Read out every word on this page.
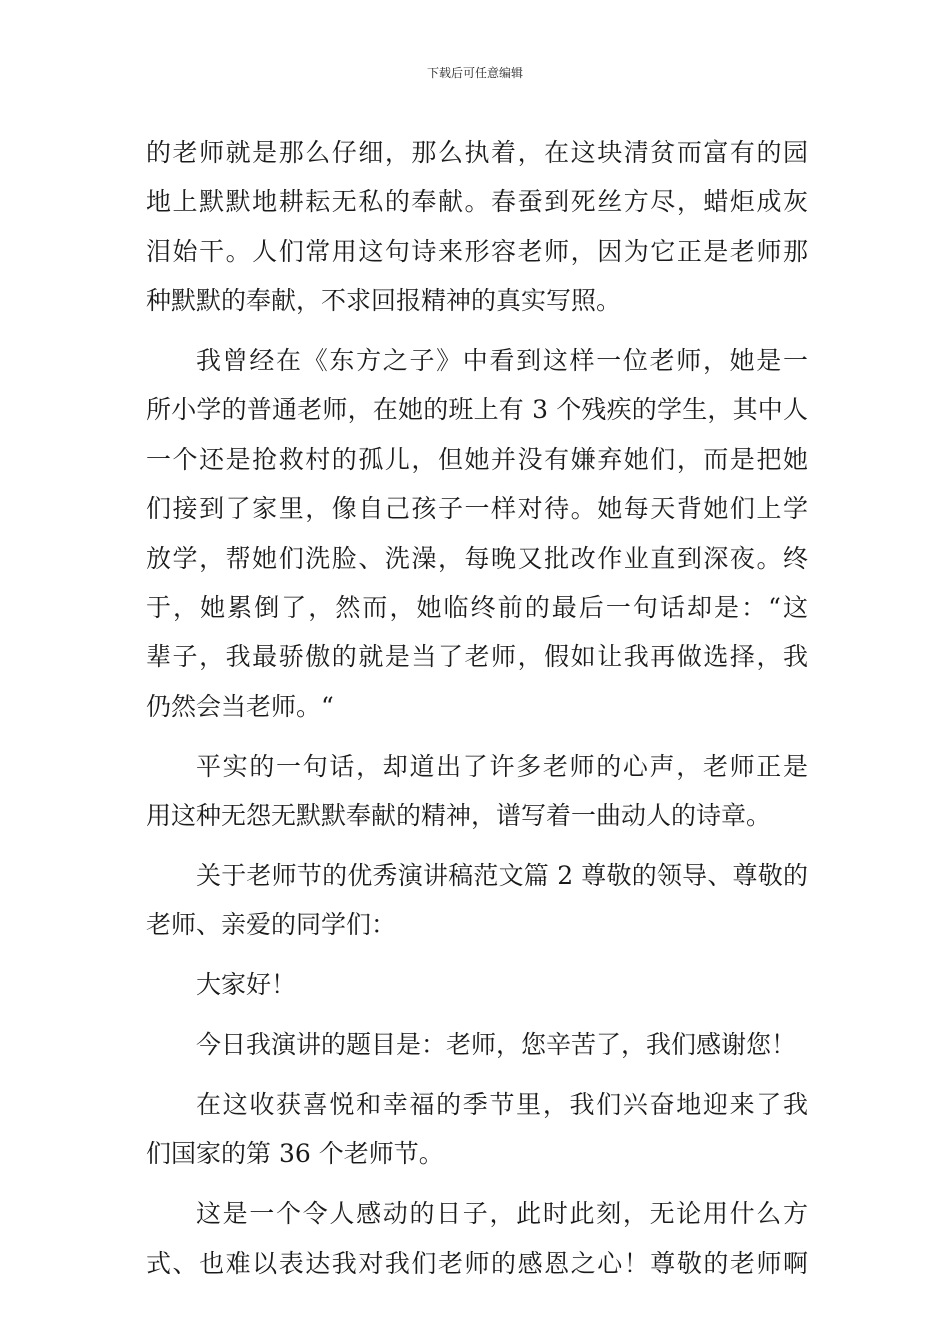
下载后可任意编辑
的老师就是那么仔细，那么执着，在这块清贫而富有的园
地上默默地耕耘无私的奉献。春蚕到死丝方尽，蜡炬成灰
泪始干。人们常用这句诗来形容老师，因为它正是老师那
种默默的奉献，不求回报精神的真实写照。
我曾经在《东方之子》中看到这样一位老师，她是一
所小学的普通老师，在她的班上有 3 个残疾的学生，其中人
一个还是抢救村的孤儿，但她并没有嫌弃她们，而是把她
们接到了家里，像自己孩子一样对待。她每天背她们上学
放学，帮她们洗脸、洗澡，每晚又批改作业直到深夜。终
于，她累倒了，然而，她临终前的最后一句话却是：“这
辈子，我最骄傲的就是当了老师，假如让我再做选择，我
仍然会当老师。“
平实的一句话，却道出了许多老师的心声，老师正是
用这种无怨无默默奉献的精神，谱写着一曲动人的诗章。
关于老师节的优秀演讲稿范文篇 2 尊敬的领导、尊敬的
老师、亲爱的同学们：
大家好！
今日我演讲的题目是：老师，您辛苦了，我们感谢您！
在这收获喜悦和幸福的季节里，我们兴奋地迎来了我
们国家的第 36 个老师节。
这是一个令人感动的日子，此时此刻，无论用什么方
式、也难以表达我对我们老师的感恩之心！尊敬的老师啊
